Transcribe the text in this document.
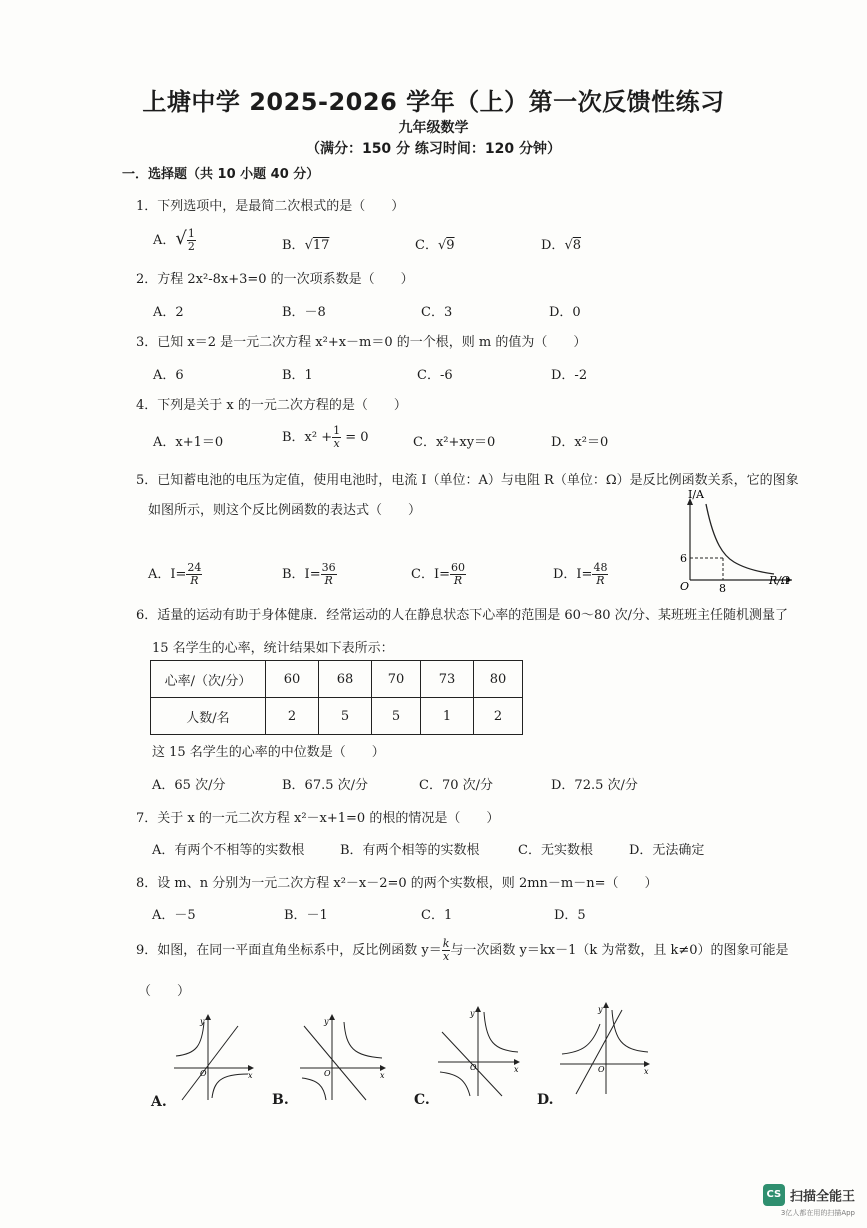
上塘中学 2025-2026 学年（上）第一次反馈性练习
九年级数学
（满分：150 分 练习时间：120 分钟）
一．选择题（共 10 小题 40 分）
1．下列选项中，是最简二次根式的是（　　）
A．√ $\frac{1}{2}$	B．√17	C．√9	D．√8
2．方程 2x²-8x+3=0 的一次项系数是（　　）
A．2	B．－8	C．3	D．0
3．已知 x＝2 是一元二次方程 x²+x－m＝0 的一个根，则 m 的值为（　　）
A．6	B．1	C．-6	D．-2
4．下列是关于 x 的一元二次方程的是（　　）
A．x+1＝0	B．$x^2 + \frac{1}{x} = 0$	C．x²+xy＝0	D．x²＝0
5．已知蓄电池的电压为定值，使用电池时，电流 I（单位：A）与电阻 R（单位：Ω）是反比例函数关系，它的图象
如图所示，则这个反比例函数的表达式（　　）
I/A
R/Ω
O
6
8
A．$I= \frac{24}{R}$	B．$I= \frac{36}{R}$	C．$I= \frac{60}{R}$	D．$I= \frac{48}{R}$
6．适量的运动有助于身体健康．经常运动的人在静息状态下心率的范围是 60～80 次/分、某班班主任随机测量了
15 名学生的心率，统计结果如下表所示：
心率/（次/分）	60	68	70	73	80
人数/名	2	5	5	1	2
这 15 名学生的心率的中位数是（　　）
A．65 次/分	B．67.5 次/分	C．70 次/分	D．72.5 次/分
7．关于 x 的一元二次方程 x²－x+1=0 的根的情况是（　　）
A．有两个不相等的实数根	B．有两个相等的实数根	C．无实数根	D．无法确定
8．设 m、n 分别为一元二次方程 x²－x－2=0 的两个实数根，则 2mn－m－n=（　　）
A．－5	B．－1	C．1	D．5
9．如图，在同一平面直角坐标系中，反比例函数 $y= \frac{k}{x}$ 与一次函数 y＝kx－1（k 为常数，且 k≠0）的图象可能是
（　　）
y
x
O
y
x
O
y
x
O
y
x
O
A.	B.	C.	D.
CS 扫描全能王
3亿人都在用的扫描App
